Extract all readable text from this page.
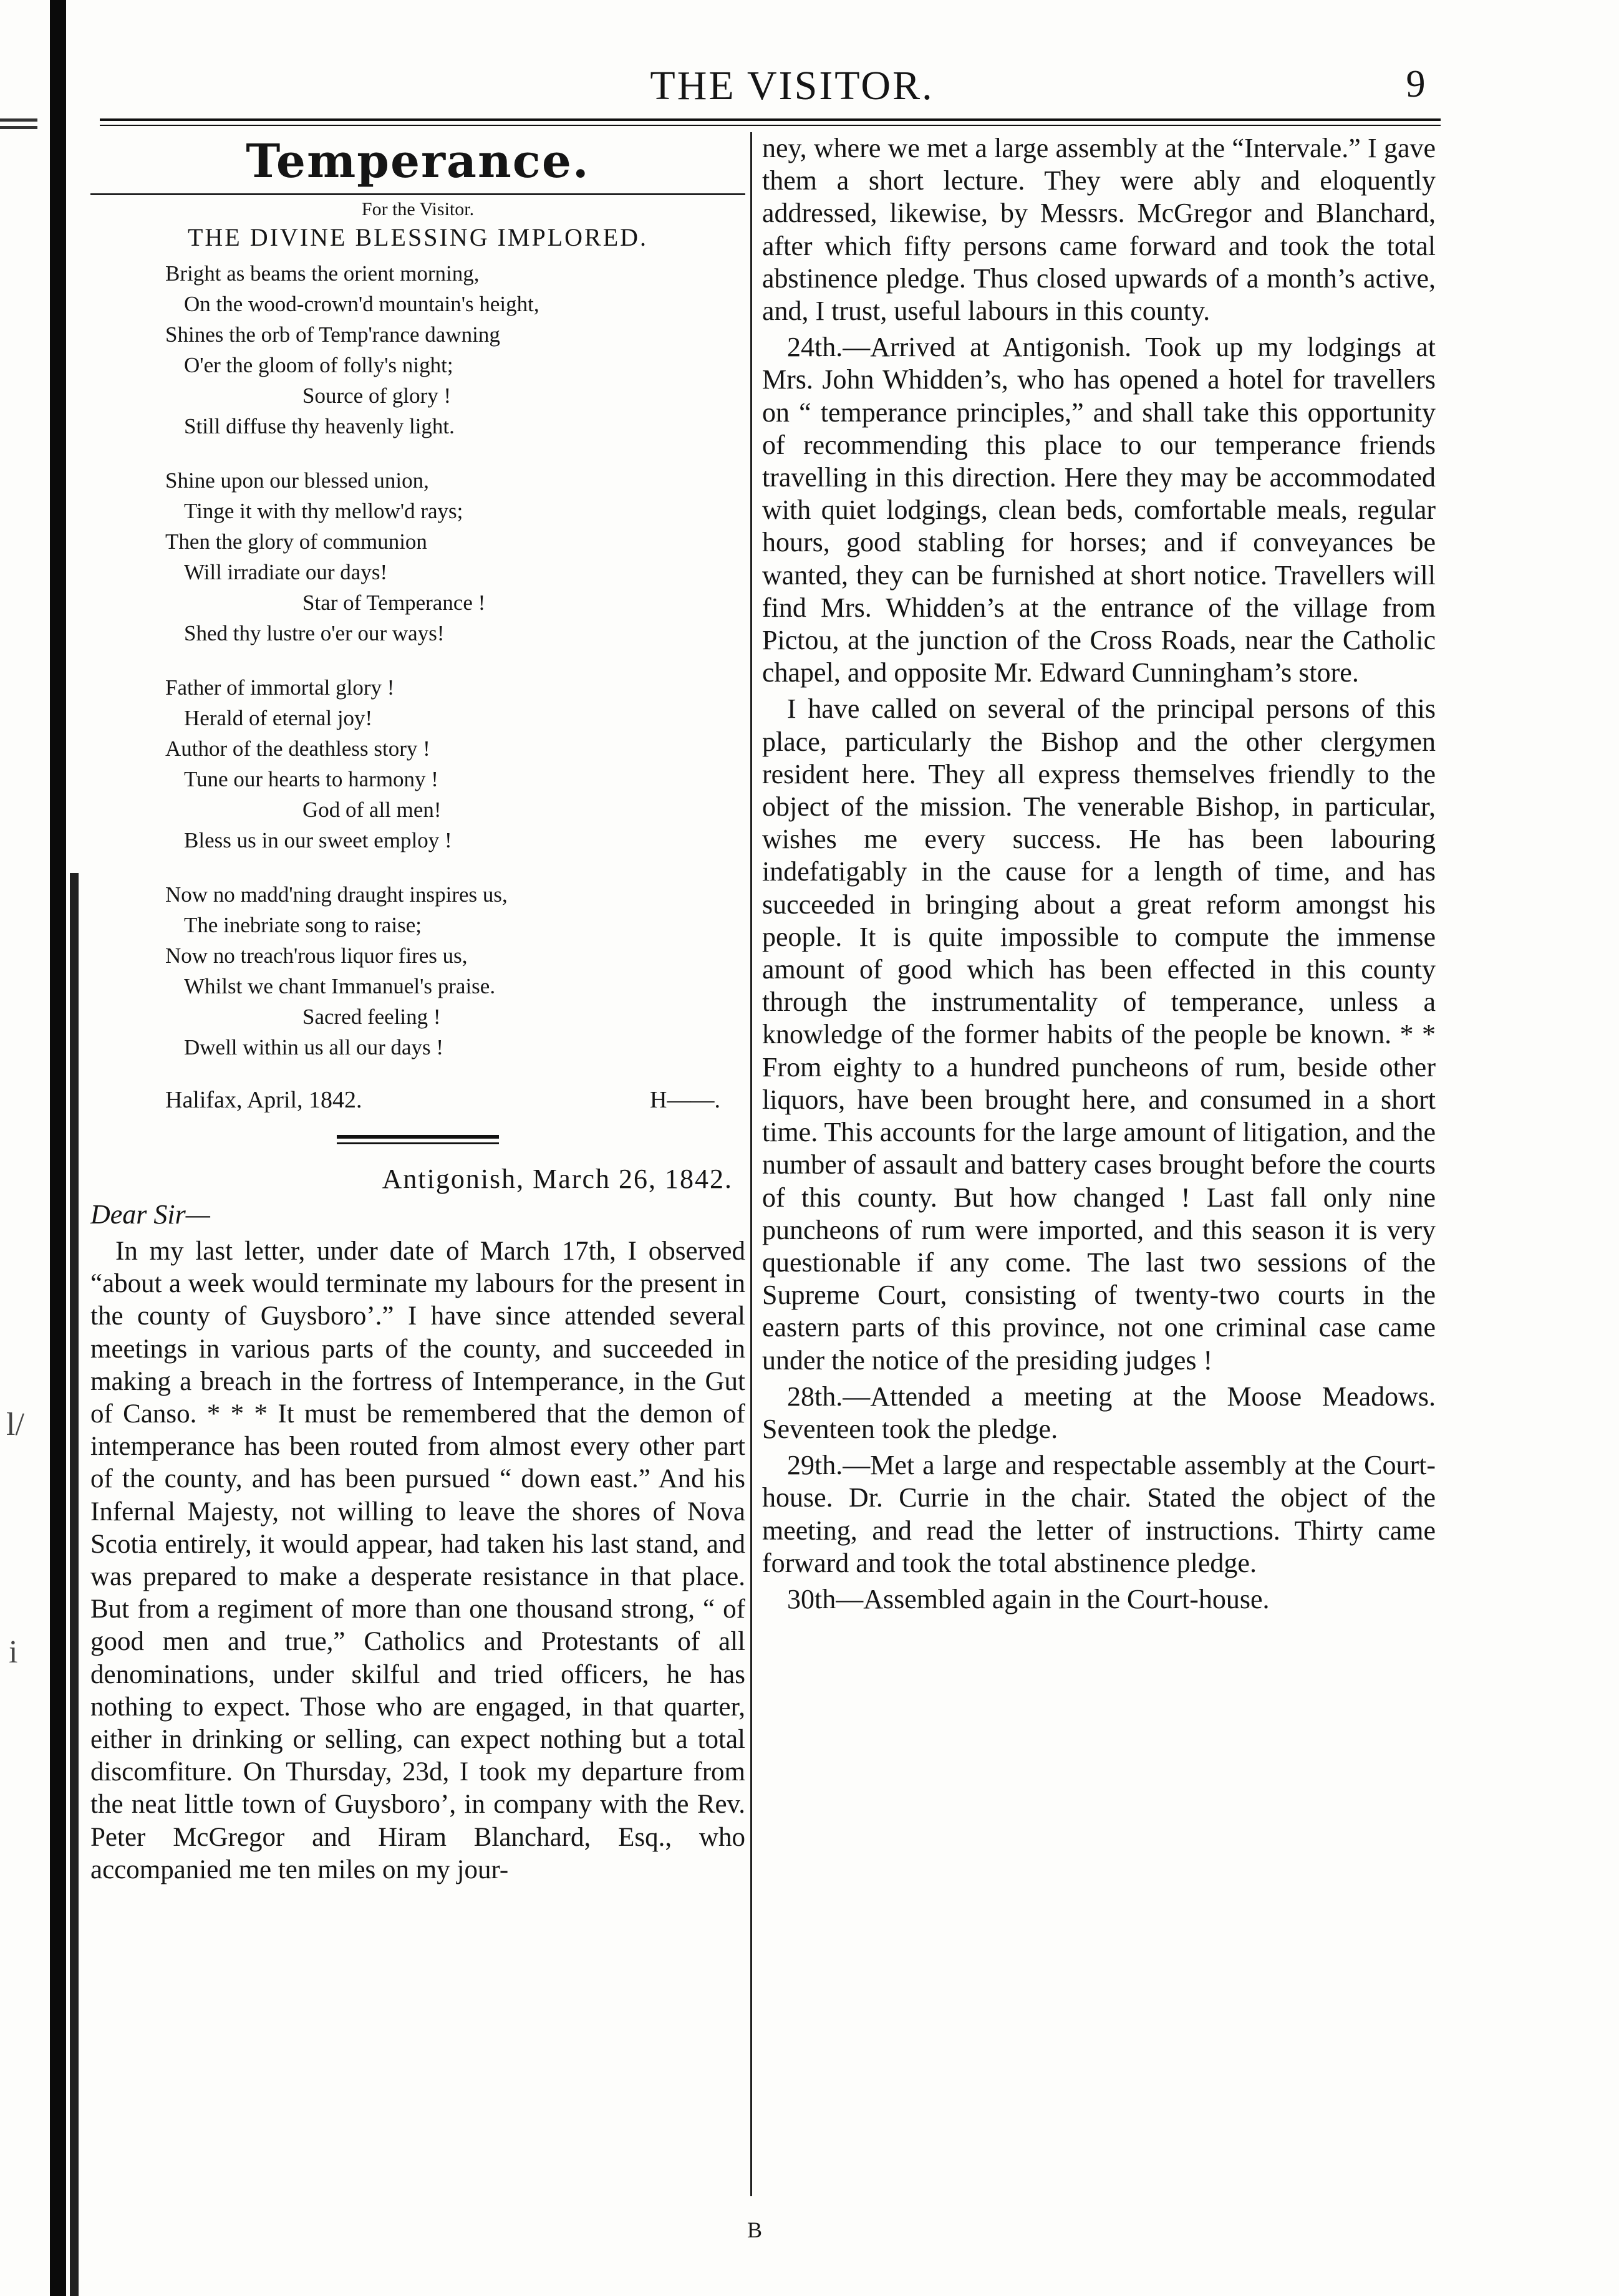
l/
i
THE VISITOR.	9
Temperance.
For the Visitor.
THE DIVINE BLESSING IMPLORED.
Bright as beams the orient morning,
On the wood-crown'd mountain's height,
Shines the orb of Temp'rance dawning
O'er the gloom of folly's night;
Source of glory !
Still diffuse thy heavenly light.
Shine upon our blessed union,
Tinge it with thy mellow'd rays;
Then the glory of communion
Will irradiate our days!
Star of Temperance !
Shed thy lustre o'er our ways!
Father of immortal glory !
Herald of eternal joy!
Author of the deathless story !
Tune our hearts to harmony !
God of all men!
Bless us in our sweet employ !
Now no madd'ning draught inspires us,
The inebriate song to raise;
Now no treach'rous liquor fires us,
Whilst we chant Immanuel's praise.
Sacred feeling !
Dwell within us all our days !
Halifax, April, 1842.	H——.
Antigonish, March 26, 1842.
Dear Sir—

In my last letter, under date of March 17th, I observed “about a week would terminate my labours for the present in the county of Guysboro’.” I have since attended several meetings in various parts of the county, and succeeded in making a breach in the fortress of Intemperance, in the Gut of Canso. * * * It must be remembered that the demon of intemperance has been routed from almost every other part of the county, and has been pursued “ down east.” And his Infernal Majesty, not willing to leave the shores of Nova Scotia entirely, it would appear, had taken his last stand, and was prepared to make a desperate resistance in that place. But from a regiment of more than one thousand strong, “ of good men and true,” Catholics and Protestants of all denominations, under skilful and tried officers, he has nothing to expect. Those who are engaged, in that quarter, either in drinking or selling, can expect nothing but a total discomfiture. On Thursday, 23d, I took my departure from the neat little town of Guysboro’, in company with the Rev. Peter McGregor and Hiram Blanchard, Esq., who accompanied me ten miles on my jour-

ney, where we met a large assembly at the “Intervale.” I gave them a short lecture. They were ably and eloquently addressed, likewise, by Messrs. McGregor and Blanchard, after which fifty persons came forward and took the total abstinence pledge. Thus closed upwards of a month’s active, and, I trust, useful labours in this county.

24th.—Arrived at Antigonish. Took up my lodgings at Mrs. John Whidden’s, who has opened a hotel for travellers on “ temperance principles,” and shall take this opportunity of recommending this place to our temperance friends travelling in this direction. Here they may be accommodated with quiet lodgings, clean beds, comfortable meals, regular hours, good stabling for horses; and if conveyances be wanted, they can be furnished at short notice. Travellers will find Mrs. Whidden’s at the entrance of the village from Pictou, at the junction of the Cross Roads, near the Catholic chapel, and opposite Mr. Edward Cunningham’s store.

I have called on several of the principal persons of this place, particularly the Bishop and the other clergymen resident here. They all express themselves friendly to the object of the mission. The venerable Bishop, in particular, wishes me every success. He has been labouring indefatigably in the cause for a length of time, and has succeeded in bringing about a great reform amongst his people. It is quite impossible to compute the immense amount of good which has been effected in this county through the instrumentality of temperance, unless a knowledge of the former habits of the people be known. * * From eighty to a hundred puncheons of rum, beside other liquors, have been brought here, and consumed in a short time. This accounts for the large amount of litigation, and the number of assault and battery cases brought before the courts of this county. But how changed ! Last fall only nine puncheons of rum were imported, and this season it is very questionable if any come. The last two sessions of the Supreme Court, consisting of twenty-two courts in the eastern parts of this province, not one criminal case came under the notice of the presiding judges !

28th.—Attended a meeting at the Moose Meadows. Seventeen took the pledge.

29th.—Met a large and respectable assembly at the Court-house. Dr. Currie in the chair. Stated the object of the meeting, and read the letter of instructions. Thirty came forward and took the total abstinence pledge.

30th—Assembled again in the Court-house.

B
